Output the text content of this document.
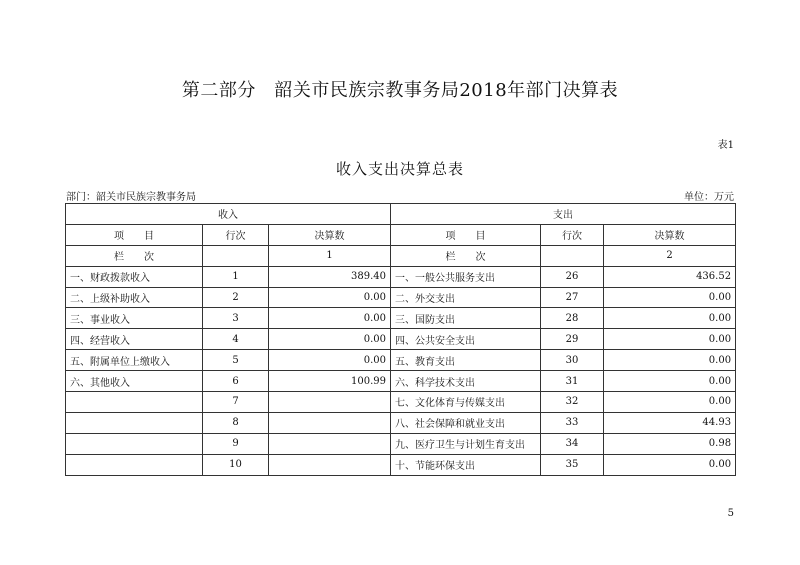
第二部分　韶关市民族宗教事务局2018年部门决算表
表1
收入支出决算总表
部门：韶关市民族宗教事务局	单位：万元
收入			支出		
项　　目	行次	决算数	项　　目	行次	决算数
栏　　次		1	栏　　次		2
一、财政拨款收入	1	389.40	一、一般公共服务支出	26	436.52
二、上级补助收入	2	0.00	二、外交支出	27	0.00
三、事业收入	3	0.00	三、国防支出	28	0.00
四、经营收入	4	0.00	四、公共安全支出	29	0.00
五、附属单位上缴收入	5	0.00	五、教育支出	30	0.00
六、其他收入	6	100.99	六、科学技术支出	31	0.00
	7		七、文化体育与传媒支出	32	0.00
	8		八、社会保障和就业支出	33	44.93
	9		九、医疗卫生与计划生育支出	34	0.98
	10		十、节能环保支出	35	0.00
5
